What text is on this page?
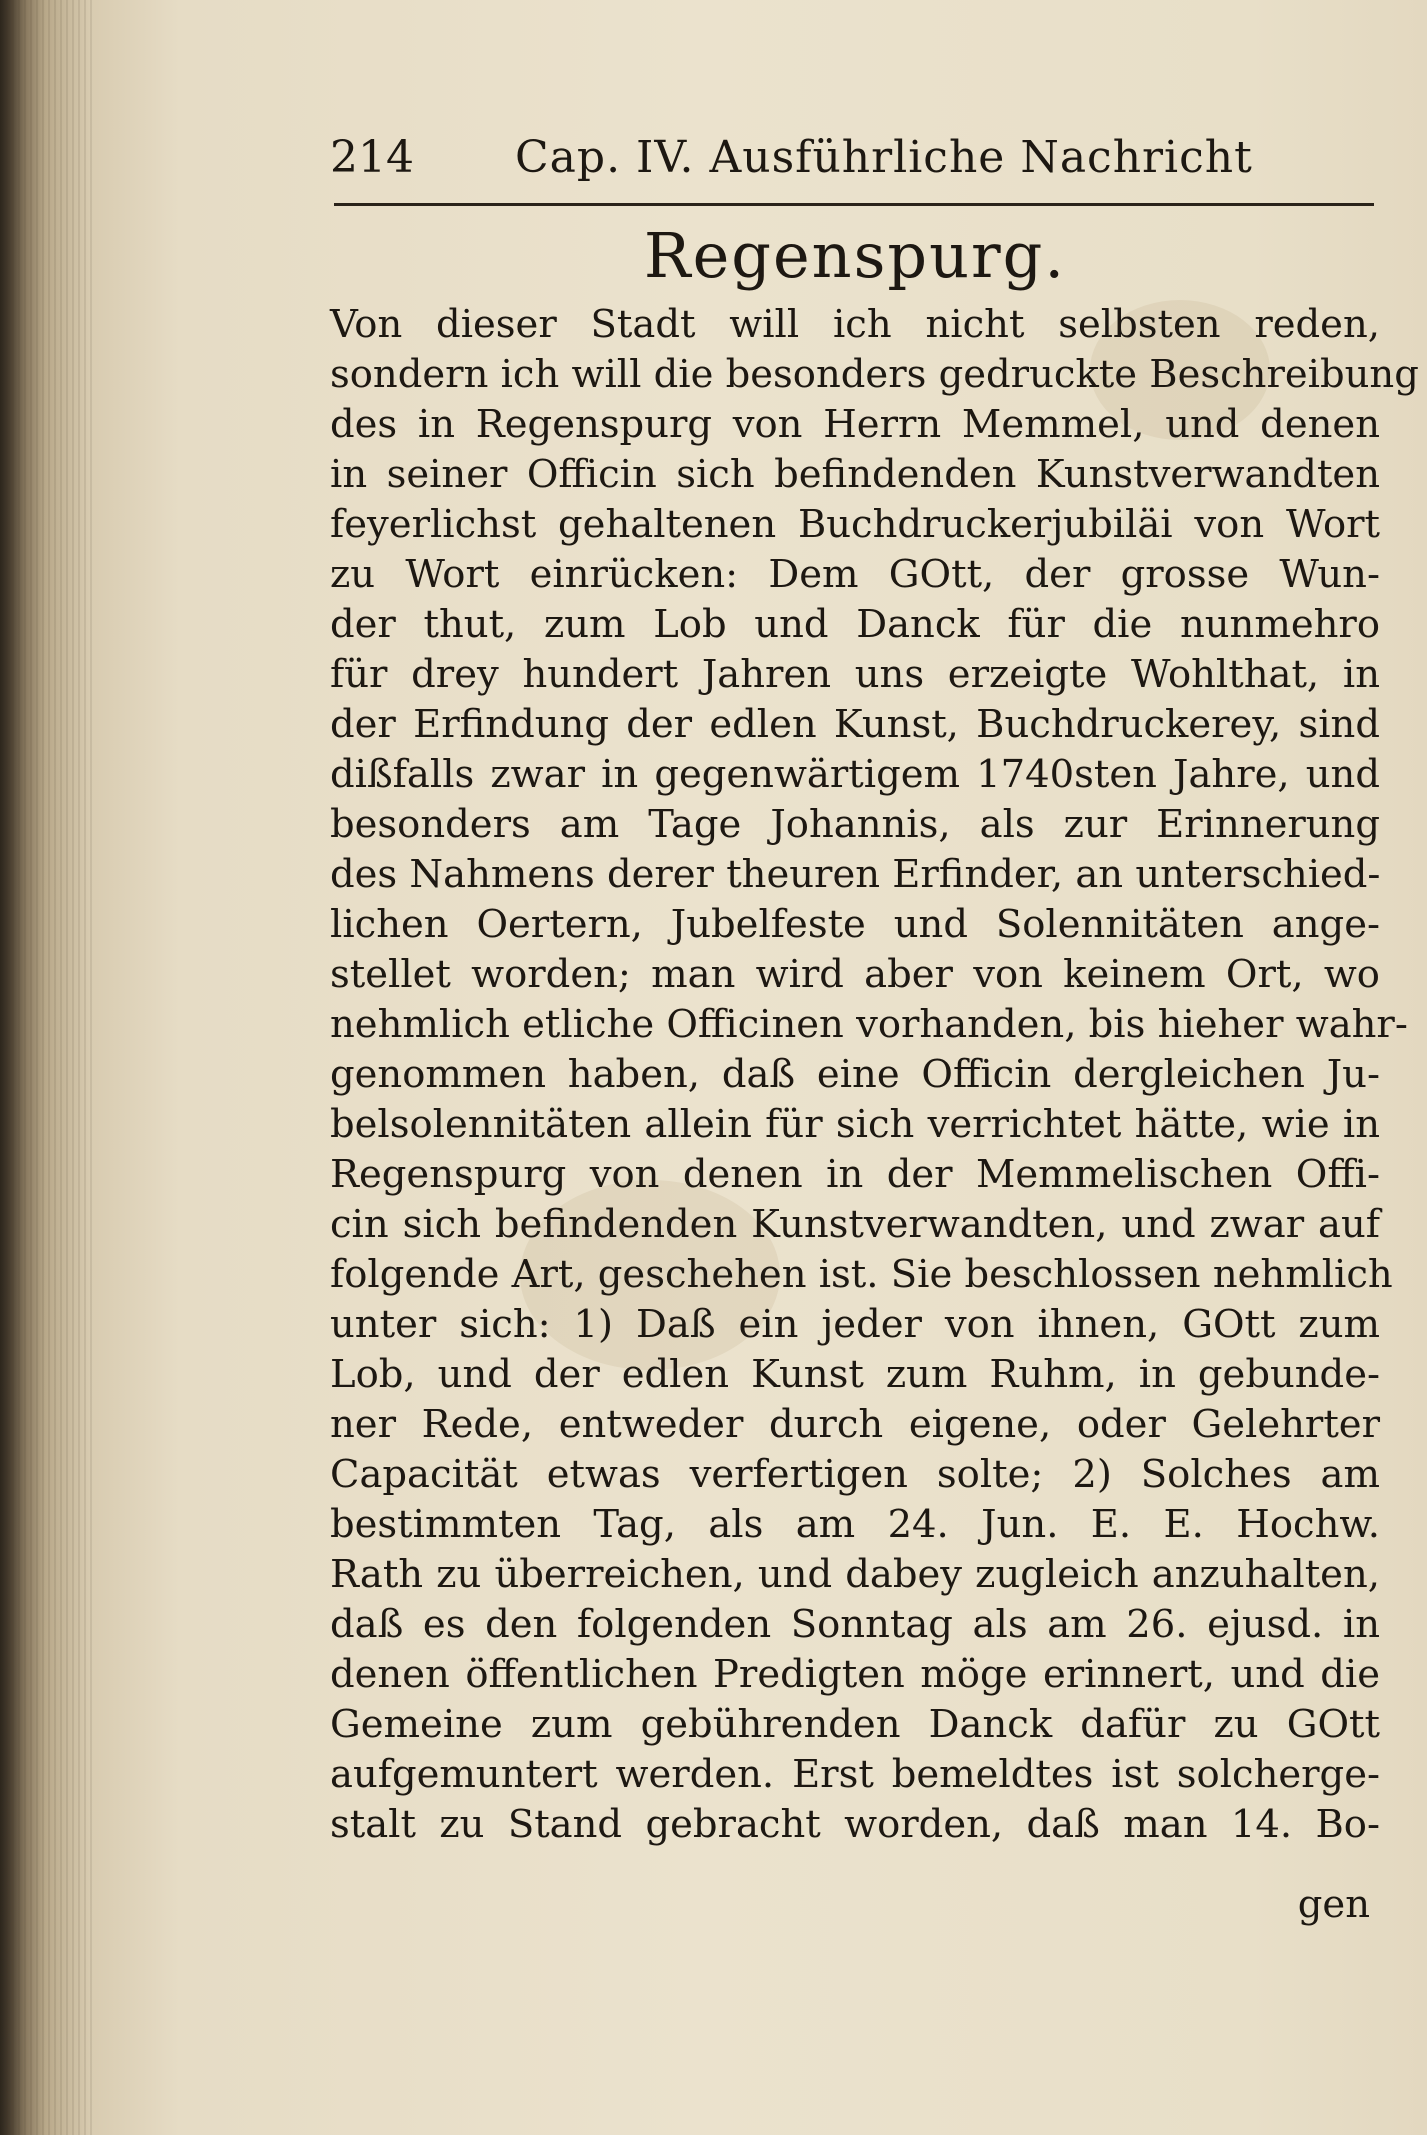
214 Cap. IV. Ausführliche Nachricht
Regenspurg.
Von dieser Stadt will ich nicht selbsten reden,
sondern ich will die besonders gedruckte Beschreibung
des in Regenspurg von Herrn Memmel, und denen
in seiner Officin sich befindenden Kunstverwandten
feyerlichst gehaltenen Buchdruckerjubiläi von Wort
zu Wort einrücken: Dem GOtt, der grosse Wun-
der thut, zum Lob und Danck für die nunmehro
für drey hundert Jahren uns erzeigte Wohlthat, in
der Erfindung der edlen Kunst, Buchdruckerey, sind
dißfalls zwar in gegenwärtigem 1740sten Jahre, und
besonders am Tage Johannis, als zur Erinnerung
des Nahmens derer theuren Erfinder, an unterschied-
lichen Oertern, Jubelfeste und Solennitäten ange-
stellet worden; man wird aber von keinem Ort, wo
nehmlich etliche Officinen vorhanden, bis hieher wahr-
genommen haben, daß eine Officin dergleichen Ju-
belsolennitäten allein für sich verrichtet hätte, wie in
Regenspurg von denen in der Memmelischen Offi-
cin sich befindenden Kunstverwandten, und zwar auf
folgende Art, geschehen ist. Sie beschlossen nehmlich
unter sich: 1) Daß ein jeder von ihnen, GOtt zum
Lob, und der edlen Kunst zum Ruhm, in gebunde-
ner Rede, entweder durch eigene, oder Gelehrter
Capacität etwas verfertigen solte; 2) Solches am
bestimmten Tag, als am 24. Jun. E. E. Hochw.
Rath zu überreichen, und dabey zugleich anzuhalten,
daß es den folgenden Sonntag als am 26. ejusd. in
denen öffentlichen Predigten möge erinnert, und die
Gemeine zum gebührenden Danck dafür zu GOtt
aufgemuntert werden. Erst bemeldtes ist solcherge-
stalt zu Stand gebracht worden, daß man 14. Bo-
gen
